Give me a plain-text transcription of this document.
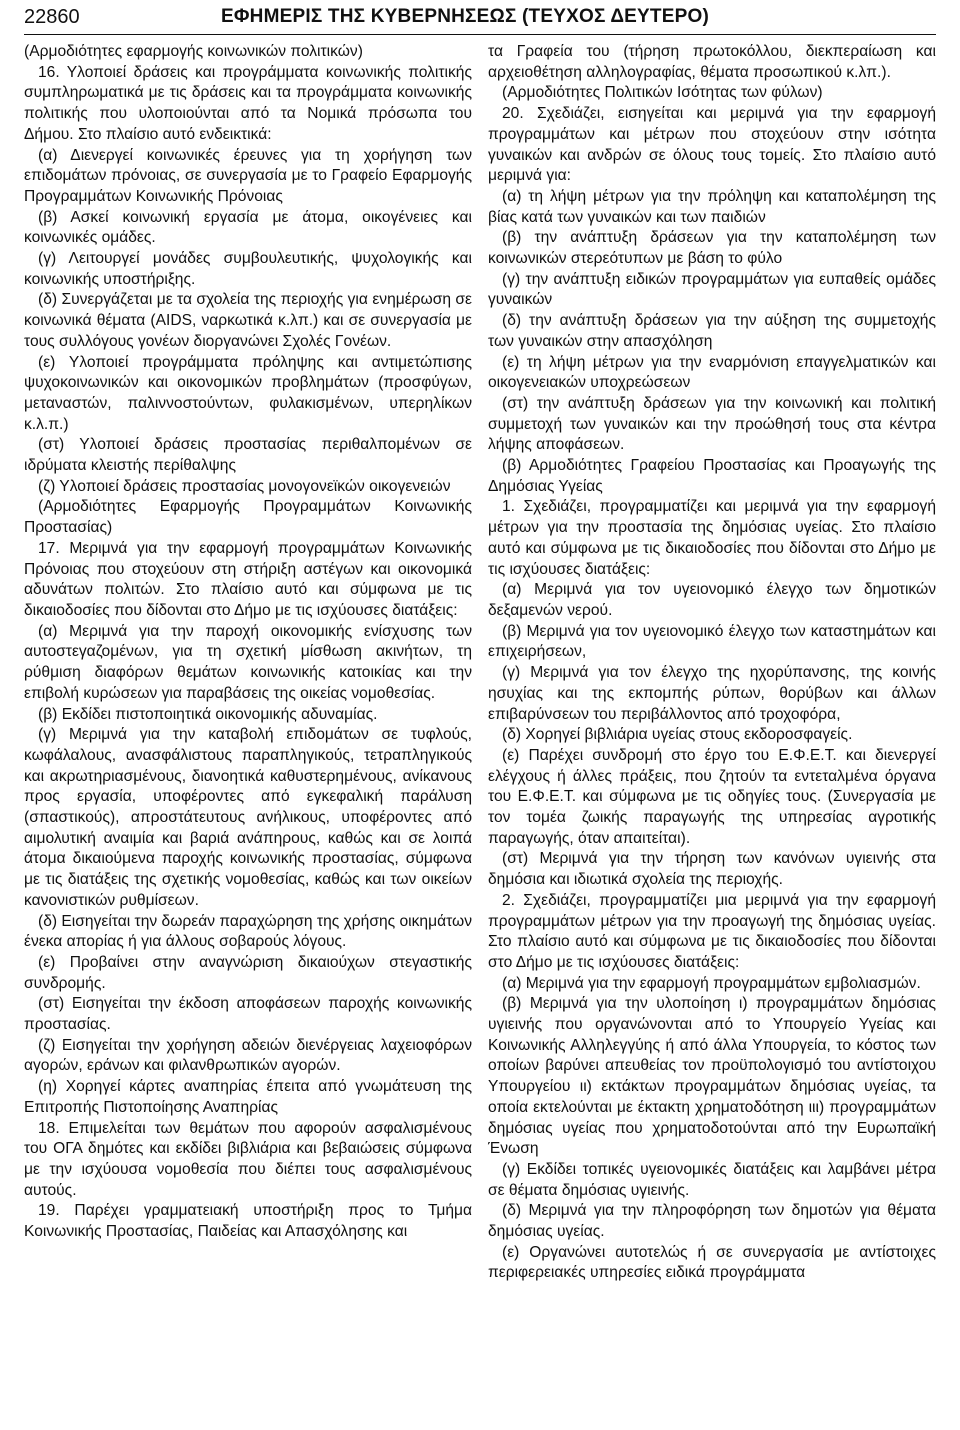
22860	ΕΦΗΜΕΡΙΣ ΤΗΣ ΚΥΒΕΡΝΗΣΕΩΣ (ΤΕΥΧΟΣ ΔΕΥΤΕΡΟ)

(Αρμοδιότητες εφαρμογής κοινωνικών πολιτικών)

16. Υλοποιεί δράσεις και προγράμματα κοινωνικής πολιτικής συμπληρωματικά με τις δράσεις και τα προγράμματα κοινωνικής πολιτικής που υλοποιούνται από τα Νομικά πρόσωπα του Δήμου. Στο πλαίσιο αυτό ενδεικτικά:

(α) Διενεργεί κοινωνικές έρευνες για τη χορήγηση των επιδομάτων πρόνοιας, σε συνεργασία με το Γραφείο Εφαρμογής Προγραμμάτων Κοινωνικής Πρόνοιας

(β) Ασκεί κοινωνική εργασία με άτομα, οικογένειες και κοινωνικές ομάδες.

(γ) Λειτουργεί μονάδες συμβουλευτικής, ψυχολογικής και κοινωνικής υποστήριξης.

(δ) Συνεργάζεται με τα σχολεία της περιοχής για ενημέρωση σε κοινωνικά θέματα (AIDS, ναρκωτικά κ.λπ.) και σε συνεργασία με τους συλλόγους γονέων διοργανώνει Σχολές Γονέων.

(ε) Υλοποιεί προγράμματα πρόληψης και αντιμετώπισης ψυχοκοινωνικών και οικονομικών προβλημάτων (προσφύγων, μεταναστών, παλιννοστούντων, φυλακισμένων, υπερηλίκων κ.λ.π.)

(στ) Υλοποιεί δράσεις προστασίας περιθαλπομένων σε ιδρύματα κλειστής περίθαλψης

(ζ) Υλοποιεί δράσεις προστασίας μονογονεϊκών οικογενειών

(Αρμοδιότητες Εφαρμογής Προγραμμάτων Κοινωνικής Προστασίας)

17. Μεριμνά για την εφαρμογή προγραμμάτων Κοινωνικής Πρόνοιας που στοχεύουν στη στήριξη αστέγων και οικονομικά αδυνάτων πολιτών. Στο πλαίσιο αυτό και σύμφωνα με τις δικαιοδοσίες που δίδονται στο Δήμο με τις ισχύουσες διατάξεις:

(α) Μεριμνά για την παροχή οικονομικής ενίσχυσης των αυτοστεγαζομένων, για τη σχετική μίσθωση ακινήτων, τη ρύθμιση διαφόρων θεμάτων κοινωνικής κατοικίας και την επιβολή κυρώσεων για παραβάσεις της οικείας νομοθεσίας.

(β) Εκδίδει πιστοποιητικά οικονομικής αδυναμίας.

(γ) Μεριμνά για την καταβολή επιδομάτων σε τυφλούς, κωφάλαλους, ανασφάλιστους παραπληγικούς, τετραπληγικούς και ακρωτηριασμένους, διανοητικά καθυστερημένους, ανίκανους προς εργασία, υποφέροντες από εγκεφαλική παράλυση (σπαστικούς), απροστάτευτους ανήλικους, υποφέροντες από αιμολυτική αναιμία και βαριά ανάπηρους, καθώς και σε λοιπά άτομα δικαιούμενα παροχής κοινωνικής προστασίας, σύμφωνα με τις διατάξεις της σχετικής νομοθεσίας, καθώς και των οικείων κανονιστικών ρυθμίσεων.

(δ) Εισηγείται την δωρεάν παραχώρηση της χρήσης οικημάτων ένεκα απορίας ή για άλλους σοβαρούς λόγους.

(ε) Προβαίνει στην αναγνώριση δικαιούχων στεγαστικής συνδρομής.

(στ) Εισηγείται την έκδοση αποφάσεων παροχής κοινωνικής προστασίας.

(ζ) Εισηγείται την χορήγηση αδειών διενέργειας λαχειοφόρων αγορών, εράνων και φιλανθρωπικών αγορών.

(η) Χορηγεί κάρτες αναπηρίας έπειτα από γνωμάτευση της Επιτροπής Πιστοποίησης Αναπηρίας

18. Επιμελείται των θεμάτων που αφορούν ασφαλισμένους του ΟΓΑ δημότες και εκδίδει βιβλιάρια και βεβαιώσεις σύμφωνα με την ισχύουσα νομοθεσία που διέπει τους ασφαλισμένους αυτούς.

19. Παρέχει γραμματειακή υποστήριξη προς το Τμήμα Κοινωνικής Προστασίας, Παιδείας και Απασχόλησης και

τα Γραφεία του (τήρηση πρωτοκόλλου, διεκπεραίωση και αρχειοθέτηση αλληλογραφίας, θέματα προσωπικού κ.λπ.).

(Αρμοδιότητες Πολιτικών Ισότητας των φύλων)

20. Σχεδιάζει, εισηγείται και μεριμνά για την εφαρμογή προγραμμάτων και μέτρων που στοχεύουν στην ισότητα γυναικών και ανδρών σε όλους τους τομείς. Στο πλαίσιο αυτό μεριμνά για:

(α) τη λήψη μέτρων για την πρόληψη και καταπολέμηση της βίας κατά των γυναικών και των παιδιών

(β) την ανάπτυξη δράσεων για την καταπολέμηση των κοινωνικών στερεότυπων με βάση το φύλο

(γ) την ανάπτυξη ειδικών προγραμμάτων για ευπαθείς ομάδες γυναικών

(δ) την ανάπτυξη δράσεων για την αύξηση της συμμετοχής των γυναικών στην απασχόληση

(ε) τη λήψη μέτρων για την εναρμόνιση επαγγελματικών και οικογενειακών υποχρεώσεων

(στ) την ανάπτυξη δράσεων για την κοινωνική και πολιτική συμμετοχή των γυναικών και την προώθησή τους στα κέντρα λήψης αποφάσεων.

(β) Αρμοδιότητες Γραφείου Προστασίας και Προαγωγής της Δημόσιας Υγείας

1. Σχεδιάζει, προγραμματίζει και μεριμνά για την εφαρμογή μέτρων για την προστασία της δημόσιας υγείας. Στο πλαίσιο αυτό και σύμφωνα με τις δικαιοδοσίες που δίδονται στο Δήμο με τις ισχύουσες διατάξεις:

(α) Μεριμνά για τον υγειονομικό έλεγχο των δημοτικών δεξαμενών νερού.

(β) Μεριμνά για τον υγειονομικό έλεγχο των καταστημάτων και επιχειρήσεων,

(γ) Μεριμνά για τον έλεγχο της ηχορύπανσης, της κοινής ησυχίας και της εκπομπής ρύπων, θορύβων και άλλων επιβαρύνσεων του περιβάλλοντος από τροχοφόρα,

(δ) Χορηγεί βιβλιάρια υγείας στους εκδοροσφαγείς.

(ε) Παρέχει συνδρομή στο έργο του Ε.Φ.Ε.Τ. και διενεργεί ελέγχους ή άλλες πράξεις, που ζητούν τα εντεταλμένα όργανα του Ε.Φ.Ε.Τ. και σύμφωνα με τις οδηγίες τους. (Συνεργασία με τον τομέα ζωικής παραγωγής της υπηρεσίας αγροτικής παραγωγής, όταν απαιτείται).

(στ) Μεριμνά για την τήρηση των κανόνων υγιεινής στα δημόσια και ιδιωτικά σχολεία της περιοχής.

2. Σχεδιάζει, προγραμματίζει μια μεριμνά για την εφαρμογή προγραμμάτων μέτρων για την προαγωγή της δημόσιας υγείας. Στο πλαίσιο αυτό και σύμφωνα με τις δικαιοδοσίες που δίδονται στο Δήμο με τις ισχύουσες διατάξεις:

(α) Μεριμνά για την εφαρμογή προγραμμάτων εμβολιασμών.

(β) Μεριμνά για την υλοποίηση ι) προγραμμάτων δημόσιας υγιεινής που οργανώνονται από το Υπουργείο Υγείας και Κοινωνικής Αλληλεγγύης ή από άλλα Υπουργεία, το κόστος των οποίων βαρύνει απευθείας τον προϋπολογισμό του αντίστοιχου Υπουργείου ιι) εκτάκτων προγραμμάτων δημόσιας υγείας, τα οποία εκτελούνται με έκτακτη χρηματοδότηση ιιι) προγραμμάτων δημόσιας υγείας που χρηματοδοτούνται από την Ευρωπαϊκή Ένωση

(γ) Εκδίδει τοπικές υγειονομικές διατάξεις και λαμβάνει μέτρα σε θέματα δημόσιας υγιεινής.

(δ) Μεριμνά για την πληροφόρηση των δημοτών για θέματα δημόσιας υγείας.

(ε) Οργανώνει αυτοτελώς ή σε συνεργασία με αντίστοιχες περιφερειακές υπηρεσίες ειδικά προγράμματα
